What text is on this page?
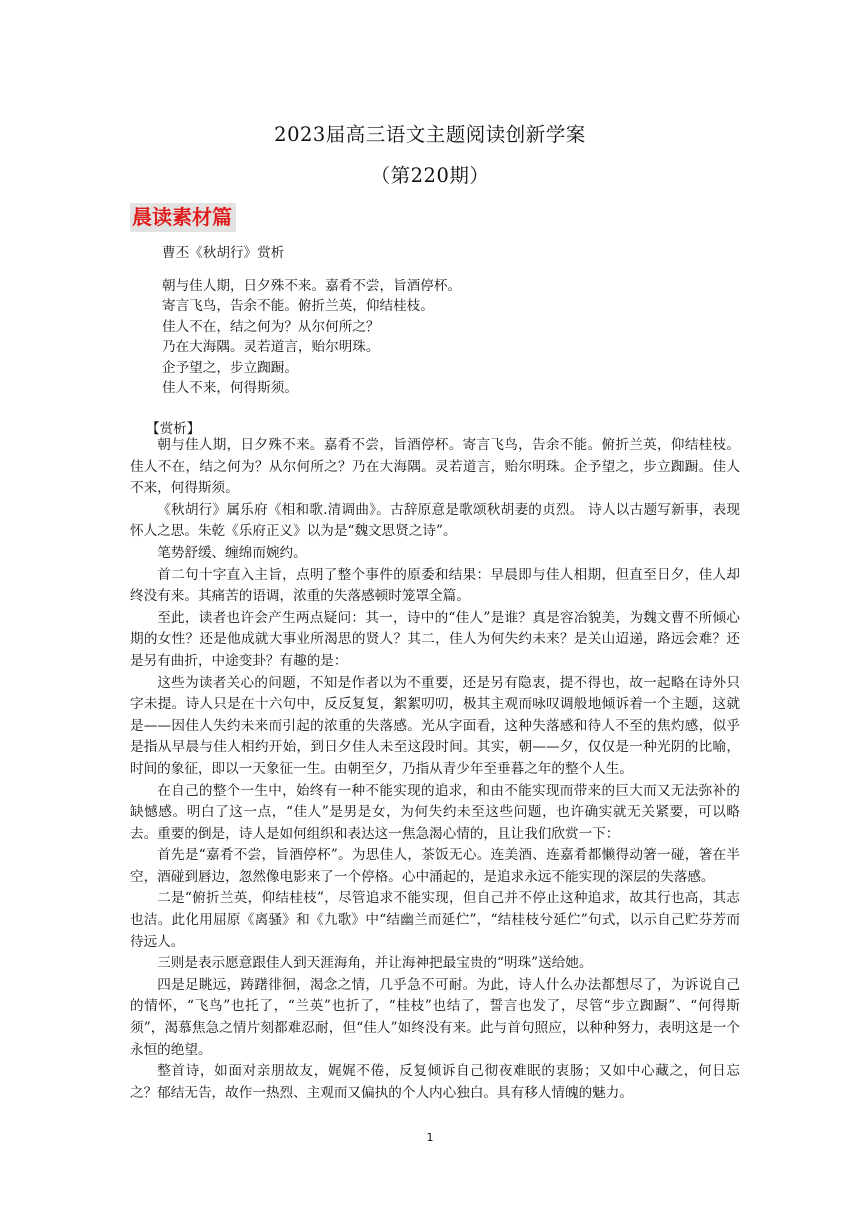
2023届高三语文主题阅读创新学案
（第220期）
晨读素材篇
曹丕《秋胡行》赏析
朝与佳人期，日夕殊不来。嘉肴不尝，旨酒停杯。
寄言飞鸟，告余不能。俯折兰英，仰结桂枝。
佳人不在，结之何为？从尔何所之？
乃在大海隅。灵若道言，贻尔明珠。
企予望之，步立踟蹰。
佳人不来，何得斯须。
【赏析】

朝与佳人期，日夕殊不来。嘉肴不尝，旨酒停杯。寄言飞鸟，告余不能。俯折兰英，仰结桂枝。佳人不在，结之何为？从尔何所之？乃在大海隅。灵若道言，贻尔明珠。企予望之，步立踟蹰。佳人不来，何得斯须。

《秋胡行》属乐府《相和歌.清调曲》。古辞原意是歌颂秋胡妻的贞烈。 诗人以古题写新事，表现怀人之思。朱乾《乐府正义》以为是“魏文思贤之诗”。

笔势舒缓、缠绵而婉约。

首二句十字直入主旨，点明了整个事件的原委和结果：早晨即与佳人相期，但直至日夕，佳人却终没有来。其痛苦的语调，浓重的失落感顿时笼罩全篇。

至此，读者也许会产生两点疑问：其一，诗中的“佳人”是谁？真是容冶貌美，为魏文曹不所倾心期的女性？还是他成就大事业所渴思的贤人？其二，佳人为何失约未来？是关山迢递，路远会难？还是另有曲折，中途变卦？有趣的是：

这些为读者关心的问题，不知是作者以为不重要，还是另有隐衷，提不得也，故一起略在诗外只字未提。诗人只是在十六句中，反反复复，絮絮叨叨，极其主观而咏叹调般地倾诉着一个主题，这就是——因佳人失约未来而引起的浓重的失落感。光从字面看，这种失落感和待人不至的焦灼感，似乎是指从早晨与佳人相约开始，到日夕佳人未至这段时间。其实，朝——夕，仅仅是一种光阴的比喻，时间的象征，即以一天象征一生。由朝至夕，乃指从青少年至垂暮之年的整个人生。

在自己的整个一生中，始终有一种不能实现的追求，和由不能实现而带来的巨大而又无法弥补的缺憾感。明白了这一点，“佳人”是男是女，为何失约未至这些问题，也许确实就无关紧要，可以略去。重要的倒是，诗人是如何组织和表达这一焦急渴心情的，且让我们欣赏一下：

首先是“嘉肴不尝，旨酒停杯”。为思佳人，茶饭无心。连美酒、连嘉肴都懒得动箸一碰，箸在半空，酒碰到唇边，忽然像电影来了一个停格。心中涌起的，是追求永远不能实现的深层的失落感。

二是“俯折兰英，仰结桂枝”，尽管追求不能实现，但自己并不停止这种追求，故其行也高，其志也洁。此化用屈原《离骚》和《九歌》中“结幽兰而延伫”，“结桂枝兮延伫”句式，以示自己贮芬芳而待远人。

三则是表示愿意跟佳人到天涯海角，并让海神把最宝贵的“明珠”送给她。

四是足眺远，踌躇徘徊，渴念之情，几乎急不可耐。为此，诗人什么办法都想尽了，为诉说自己的情怀，“飞鸟”也托了，“兰英”也折了，“桂枝”也结了，誓言也发了，尽管“步立踟蹰”、“何得斯须”，渴慕焦急之情片刻都难忍耐，但“佳人”如终没有来。此与首句照应，以种种努力，表明这是一个永恒的绝望。

整首诗，如面对亲朋故友，娓娓不倦，反复倾诉自己彻夜难眠的衷肠；又如中心藏之，何日忘之？郁结无告，故作一热烈、主观而又偏执的个人内心独白。具有移人情魄的魅力。

1
